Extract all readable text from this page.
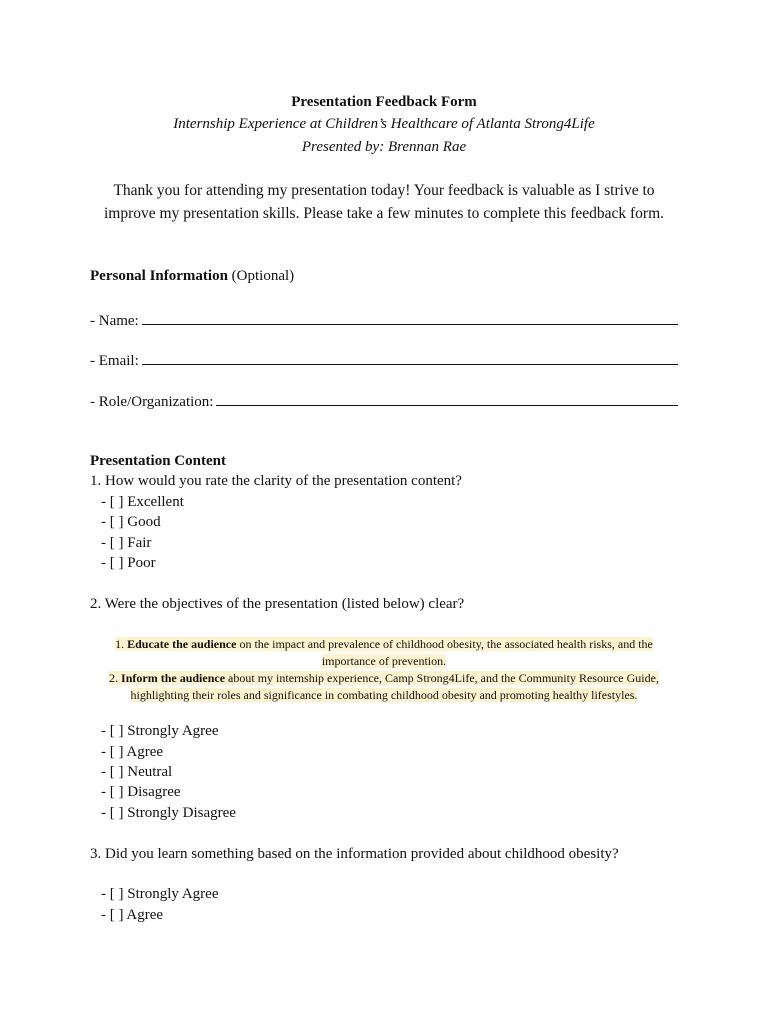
Presentation Feedback Form
Internship Experience at Children’s Healthcare of Atlanta Strong4Life
Presented by: Brennan Rae
Thank you for attending my presentation today! Your feedback is valuable as I strive to improve my presentation skills. Please take a few minutes to complete this feedback form.
Personal Information (Optional)
- Name:
- Email:
- Role/Organization:
Presentation Content
1. How would you rate the clarity of the presentation content?
- [ ] Excellent
- [ ] Good
- [ ] Fair
- [ ] Poor
2. Were the objectives of the presentation (listed below) clear?
1. Educate the audience on the impact and prevalence of childhood obesity, the associated health risks, and the
importance of prevention.
2. Inform the audience about my internship experience, Camp Strong4Life, and the Community Resource Guide,
highlighting their roles and significance in combating childhood obesity and promoting healthy lifestyles.
- [ ] Strongly Agree
- [ ] Agree
- [ ] Neutral
- [ ] Disagree
- [ ] Strongly Disagree
3. Did you learn something based on the information provided about childhood obesity?
- [ ] Strongly Agree
- [ ] Agree
